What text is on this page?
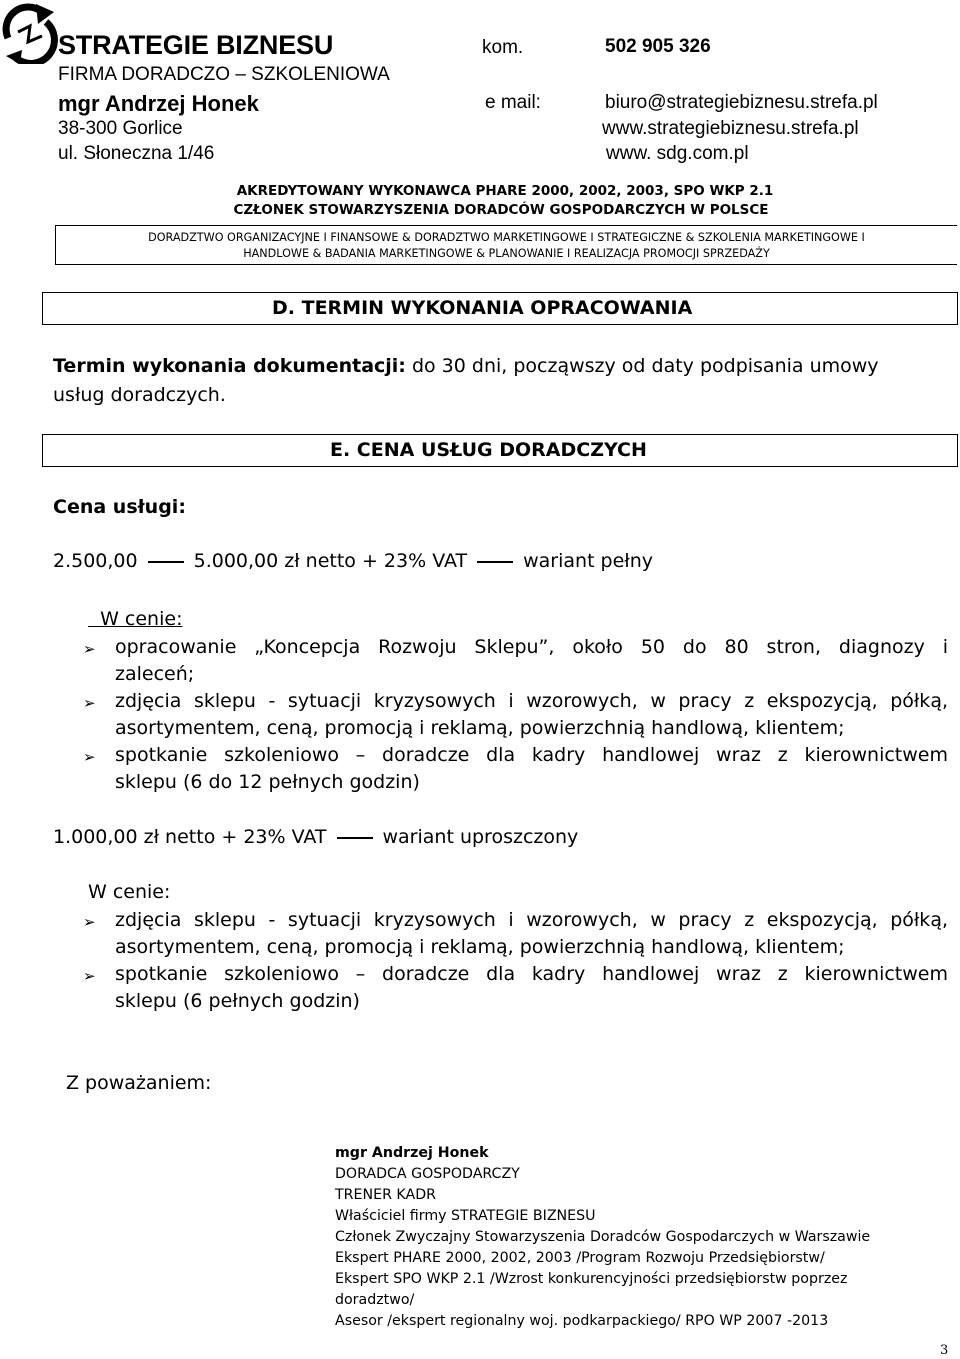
STRATEGIE BIZNESU
FIRMA DORADCZO – SZKOLENIOWA
mgr Andrzej Honek
38-300 Gorlice
ul. Słoneczna 1/46
kom.	502 905 326
e mail:	biuro@strategiebiznesu.strefa.pl
www.strategiebiznesu.strefa.pl
www. sdg.com.pl
AKREDYTOWANY WYKONAWCA PHARE 2000, 2002, 2003, SPO WKP 2.1
CZŁONEK STOWARZYSZENIA DORADCÓW GOSPODARCZYCH W POLSCE
DORADZTWO ORGANIZACYJNE I FINANSOWE & DORADZTWO MARKETINGOWE I STRATEGICZNE & SZKOLENIA MARKETINGOWE I
HANDLOWE & BADANIA MARKETINGOWE & PLANOWANIE I REALIZACJA PROMOCJI SPRZEDAŻY
D. TERMIN WYKONANIA OPRACOWANIA
Termin wykonania dokumentacji: do 30 dni, począwszy od daty podpisania umowy
usług doradczych.
E. CENA USŁUG DORADCZYCH
Cena usługi:
2.500,00	5.000,00 zł netto + 23% VAT	wariant pełny
W cenie:
➢ opracowanie „Koncepcja Rozwoju Sklepu”, około 50 do 80 stron, diagnozy i
zaleceń;
➢ zdjęcia sklepu - sytuacji kryzysowych i wzorowych, w pracy z ekspozycją, półką,
asortymentem, ceną, promocją i reklamą, powierzchnią handlową, klientem;
➢ spotkanie szkoleniowo – doradcze dla kadry handlowej wraz z kierownictwem
sklepu (6 do 12 pełnych godzin)
1.000,00 zł netto + 23% VAT	wariant uproszczony
W cenie:
➢ zdjęcia sklepu - sytuacji kryzysowych i wzorowych, w pracy z ekspozycją, półką,
asortymentem, ceną, promocją i reklamą, powierzchnią handlową, klientem;
➢ spotkanie szkoleniowo – doradcze dla kadry handlowej wraz z kierownictwem
sklepu (6 pełnych godzin)
Z poważaniem:
mgr Andrzej Honek
DORADCA GOSPODARCZY
TRENER KADR
Właściciel firmy STRATEGIE BIZNESU
Członek Zwyczajny Stowarzyszenia Doradców Gospodarczych w Warszawie
Ekspert PHARE 2000, 2002, 2003 /Program Rozwoju Przedsiębiorstw/
Ekspert SPO WKP 2.1 /Wzrost konkurencyjności przedsiębiorstw poprzez
doradztwo/
Asesor /ekspert regionalny woj. podkarpackiego/ RPO WP 2007 -2013
3
